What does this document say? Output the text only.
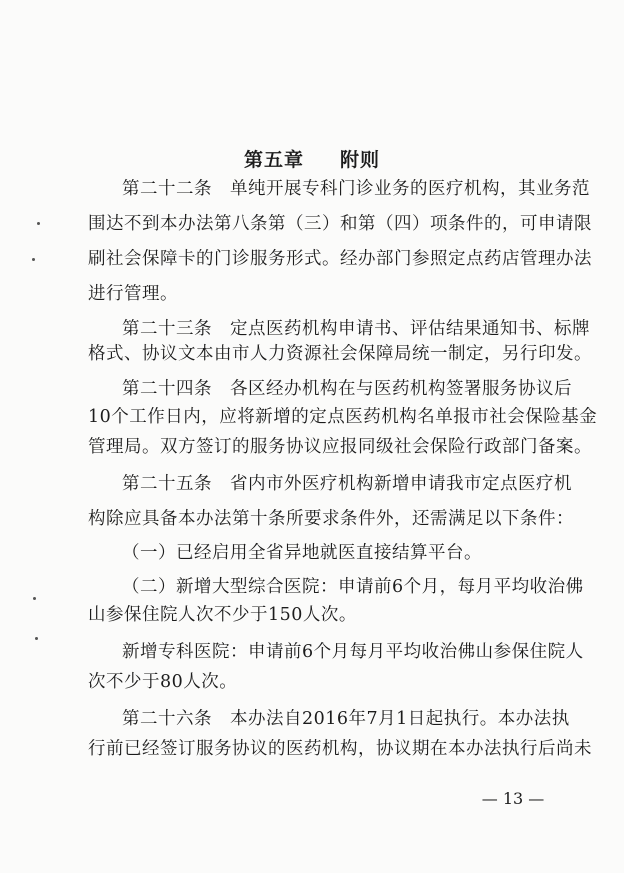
第五章 附则
第二十二条　单纯开展专科门诊业务的医疗机构，其业务范
围达不到本办法第八条第（三）和第（四）项条件的，可申请限
刷社会保障卡的门诊服务形式。经办部门参照定点药店管理办法
进行管理。
第二十三条　定点医药机构申请书、评估结果通知书、标牌
格式、协议文本由市人力资源社会保障局统一制定，另行印发。
第二十四条　各区经办机构在与医药机构签署服务协议后
10个工作日内，应将新增的定点医药机构名单报市社会保险基金
管理局。双方签订的服务协议应报同级社会保险行政部门备案。
第二十五条　省内市外医疗机构新增申请我市定点医疗机
构除应具备本办法第十条所要求条件外，还需满足以下条件：
（一）已经启用全省异地就医直接结算平台。
（二）新增大型综合医院：申请前6个月，每月平均收治佛
山参保住院人次不少于150人次。
新增专科医院：申请前6个月每月平均收治佛山参保住院人
次不少于80人次。
第二十六条　本办法自2016年7月1日起执行。本办法执
行前已经签订服务协议的医药机构，协议期在本办法执行后尚未
— 13 —
